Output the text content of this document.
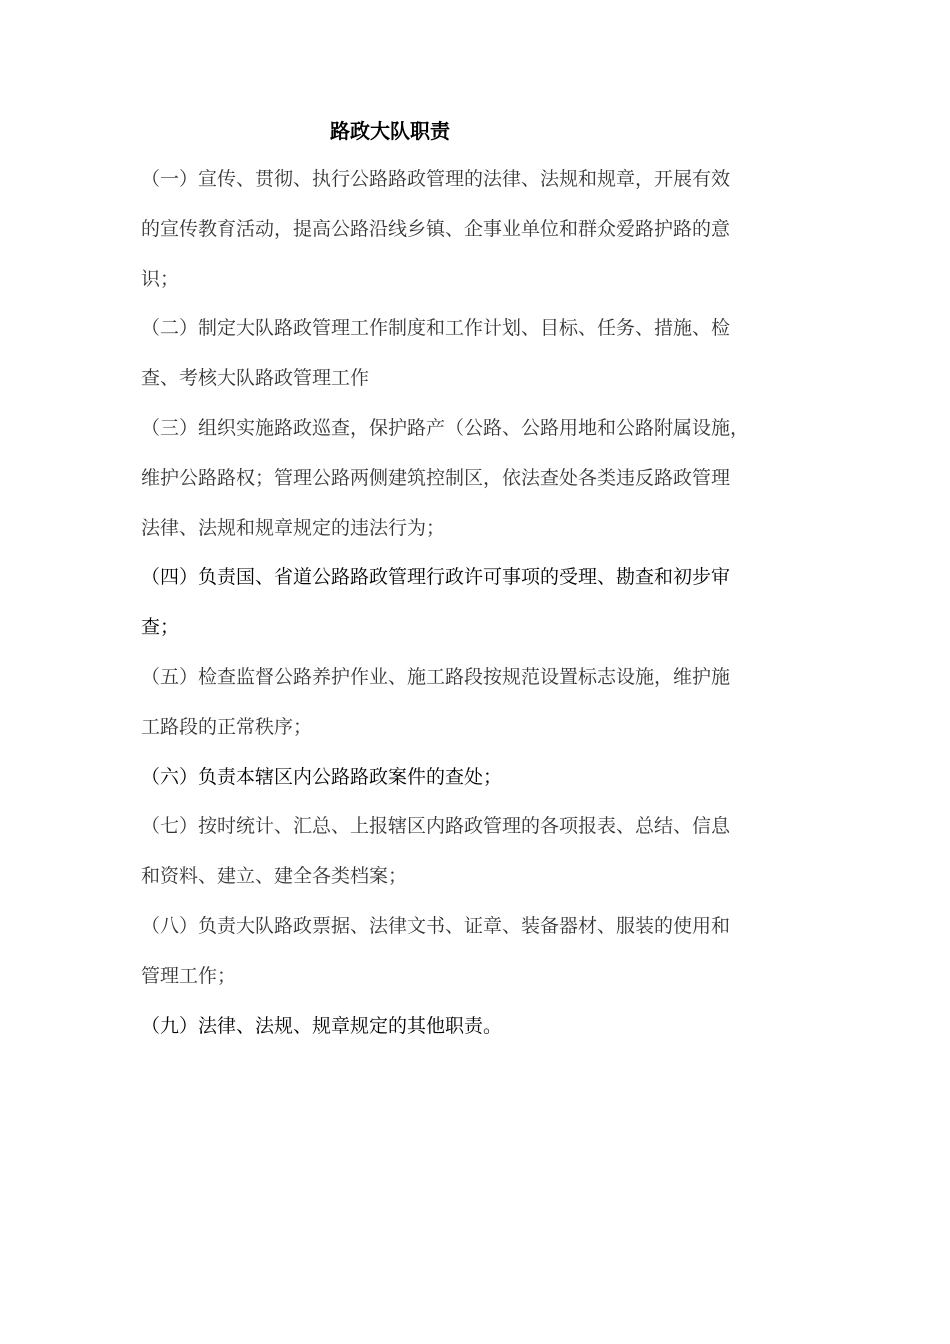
路政大队职责

（一）宣传、贯彻、执行公路路政管理的法律、法规和规章，开展有效
的宣传教育活动，提高公路沿线乡镇、企事业单位和群众爱路护路的意
识；

（二）制定大队路政管理工作制度和工作计划、目标、任务、措施、检
查、考核大队路政管理工作

（三）组织实施路政巡查，保护路产（公路、公路用地和公路附属设施，
维护公路路权；管理公路两侧建筑控制区，依法查处各类违反路政管理
法律、法规和规章规定的违法行为；

（四）负责国、省道公路路政管理行政许可事项的受理、勘查和初步审
查；

（五）检查监督公路养护作业、施工路段按规范设置标志设施，维护施
工路段的正常秩序；

（六）负责本辖区内公路路政案件的查处；

（七）按时统计、汇总、上报辖区内路政管理的各项报表、总结、信息
和资料、建立、建全各类档案；

（八）负责大队路政票据、法律文书、证章、装备器材、服装的使用和
管理工作；

（九）法律、法规、规章规定的其他职责。
